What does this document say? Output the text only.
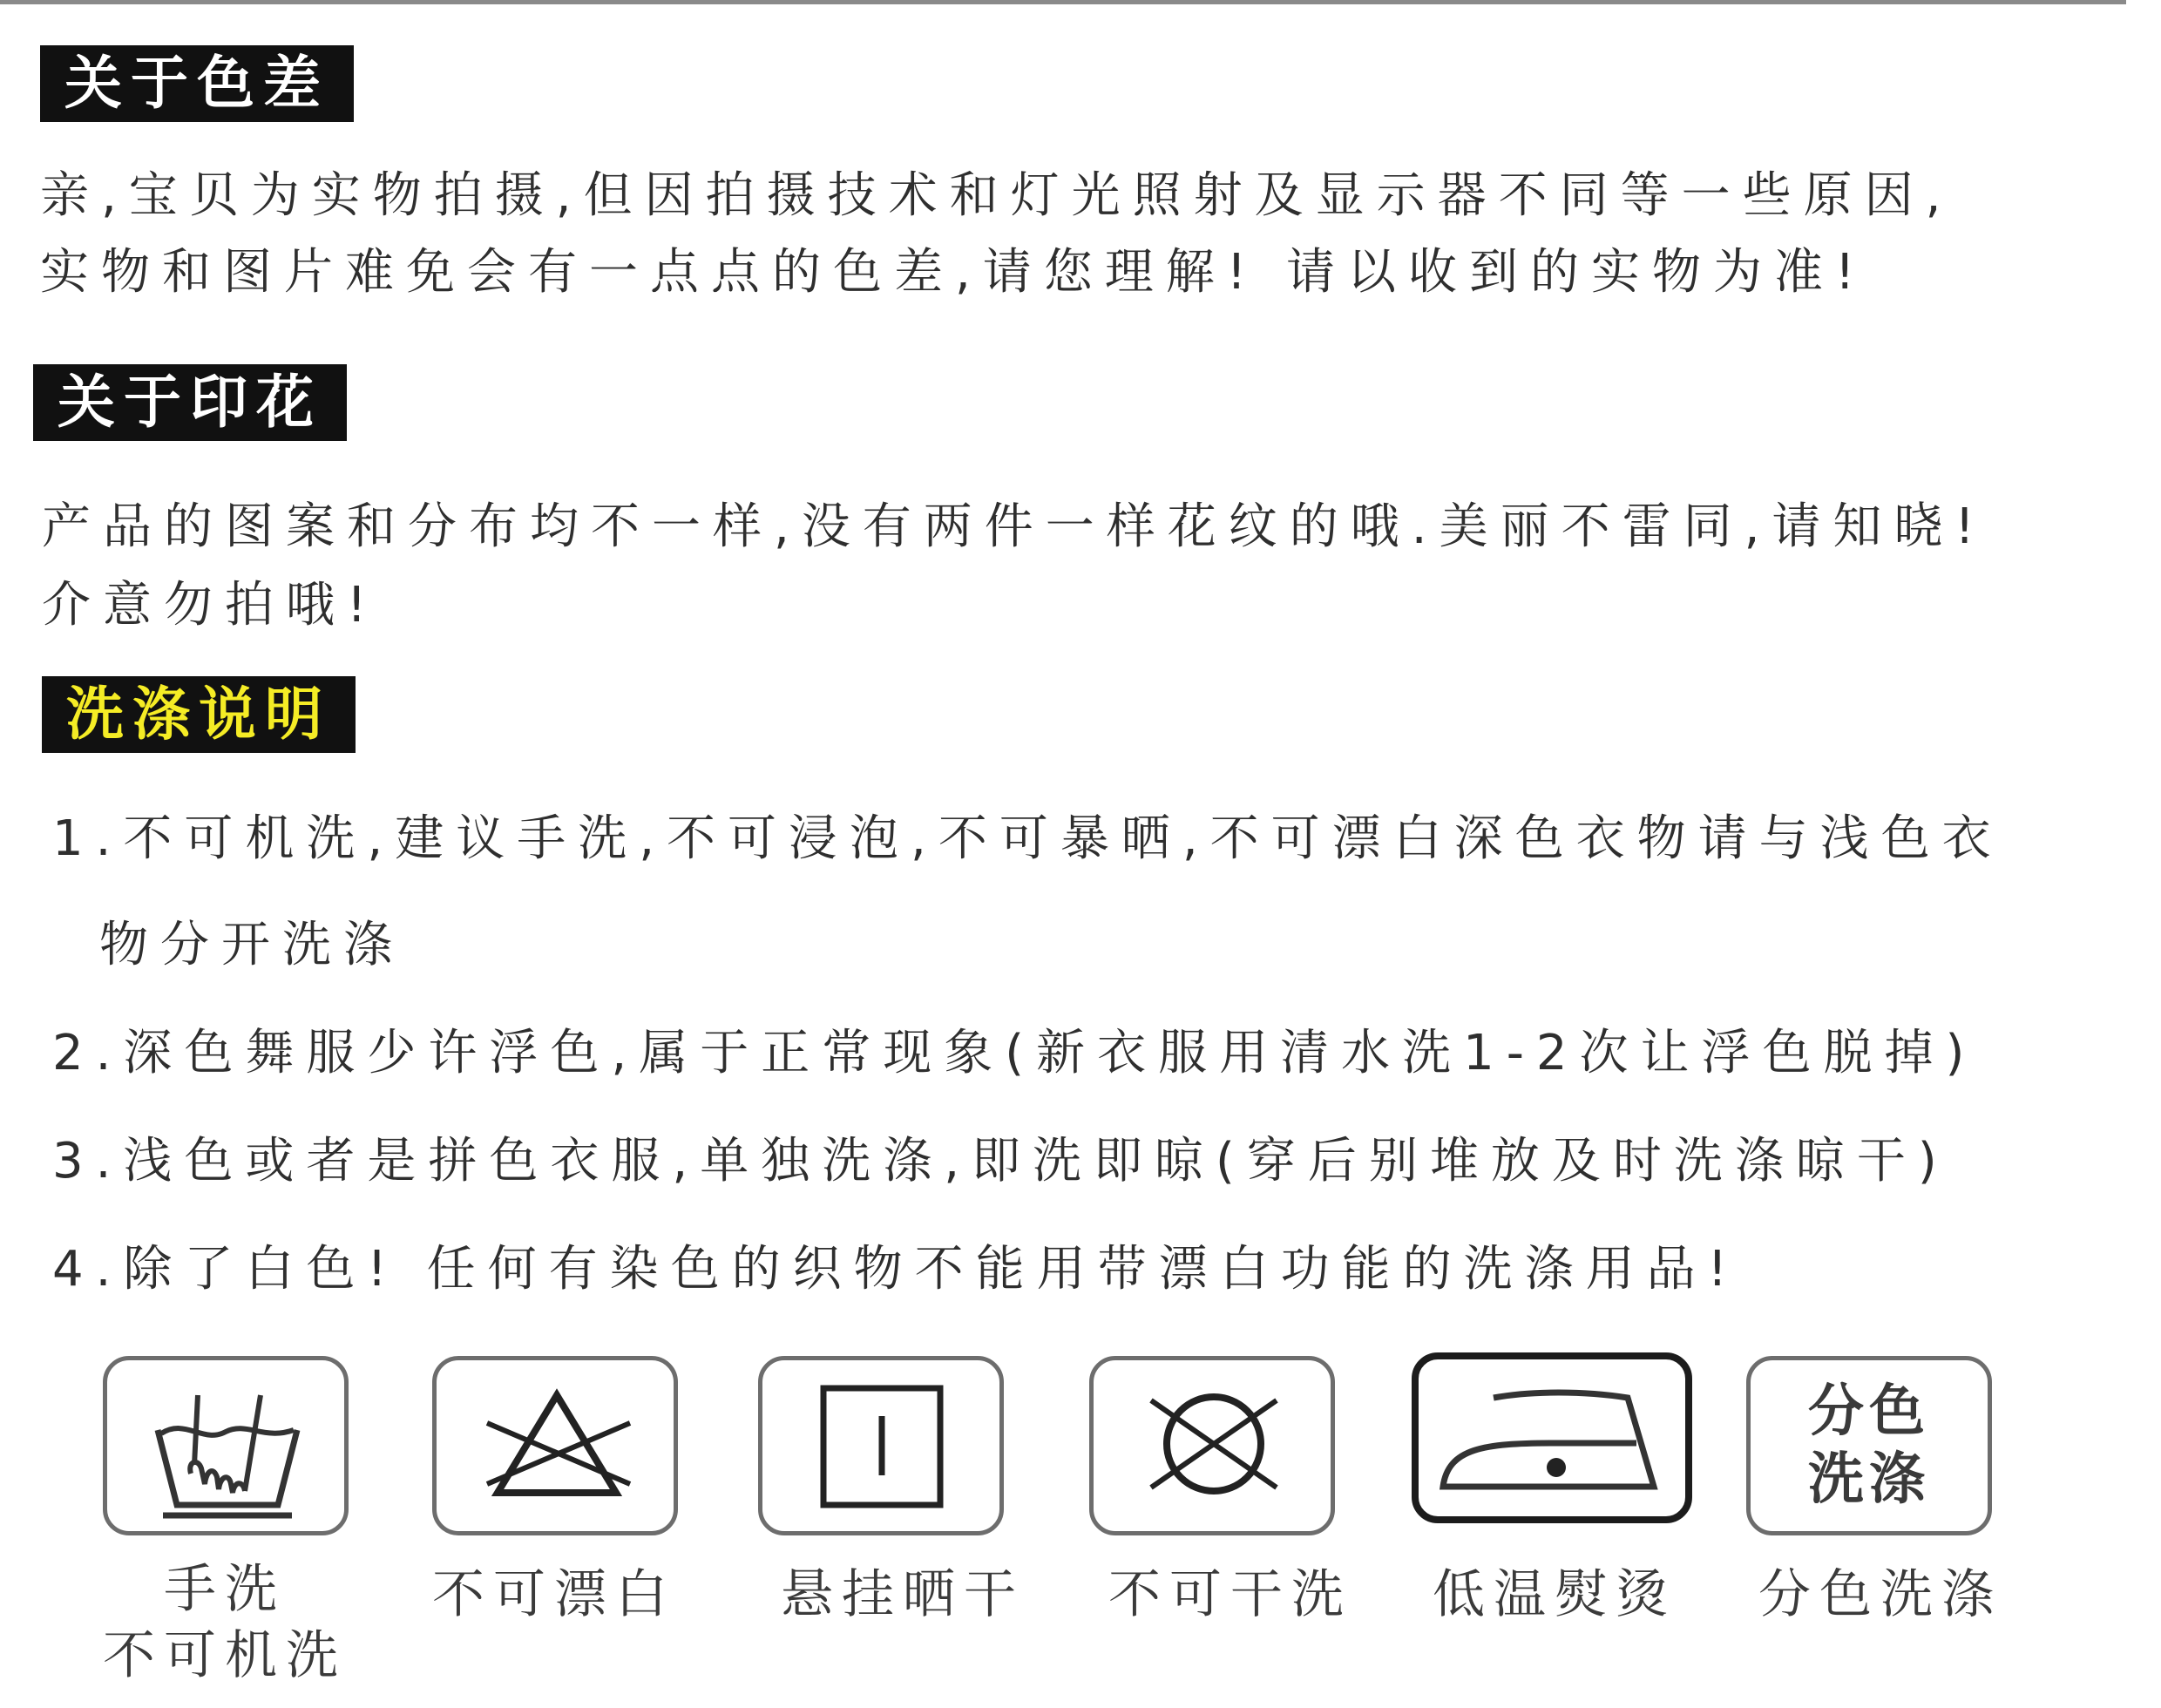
关于色差
亲,宝贝为实物拍摄,但因拍摄技术和灯光照射及显示器不同等一些原因,
实物和图片难免会有一点点的色差,请您理解! 请以收到的实物为准!
关于印花
产品的图案和分布均不一样,没有两件一样花纹的哦.美丽不雷同,请知晓!
介意勿拍哦!
洗涤说明
1.不可机洗,建议手洗,不可浸泡,不可暴晒,不可漂白深色衣物请与浅色衣
物分开洗涤
2.深色舞服少许浮色,属于正常现象(新衣服用清水洗1-2次让浮色脱掉)
3.浅色或者是拼色衣服,单独洗涤,即洗即晾(穿后别堆放及时洗涤晾干)
4.除了白色! 任何有染色的织物不能用带漂白功能的洗涤用品!
手洗
不可机洗
不可漂白 悬挂晒干 不可干洗 低温熨烫
分色
洗涤
分色洗涤
